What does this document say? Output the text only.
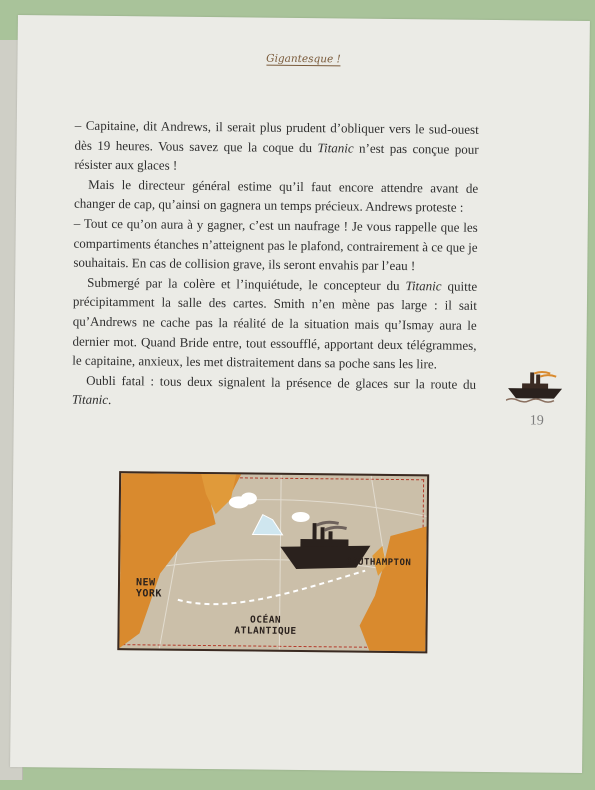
Gigantesque !

– Capitaine, dit Andrews, il serait plus prudent d’obliquer vers le sud-ouest dès 19 heures. Vous savez que la coque du Titanic n’est pas conçue pour résister aux glaces !

Mais le directeur général estime qu’il faut encore attendre avant de changer de cap, qu’ainsi on gagnera un temps précieux. Andrews proteste :

– Tout ce qu’on aura à y gagner, c’est un naufrage ! Je vous rappelle que les compartiments étanches n’atteignent pas le plafond, contrairement à ce que je souhaitais. En cas de collision grave, ils seront envahis par l’eau !

Submergé par la colère et l’inquiétude, le concepteur du Titanic quitte précipitamment la salle des cartes. Smith n’en mène pas large : il sait qu’Andrews ne cache pas la réalité de la situation mais qu’Ismay aura le dernier mot. Quand Bride entre, tout essoufflé, apportant deux télégrammes, le capitaine, anxieux, les met distraitement dans sa poche sans les lire.

Oubli fatal : tous deux signalent la présence de glaces sur la route du Titanic.

19
NEW YORK
SOUTHAMPTON
OCÉAN ATLANTIQUE
